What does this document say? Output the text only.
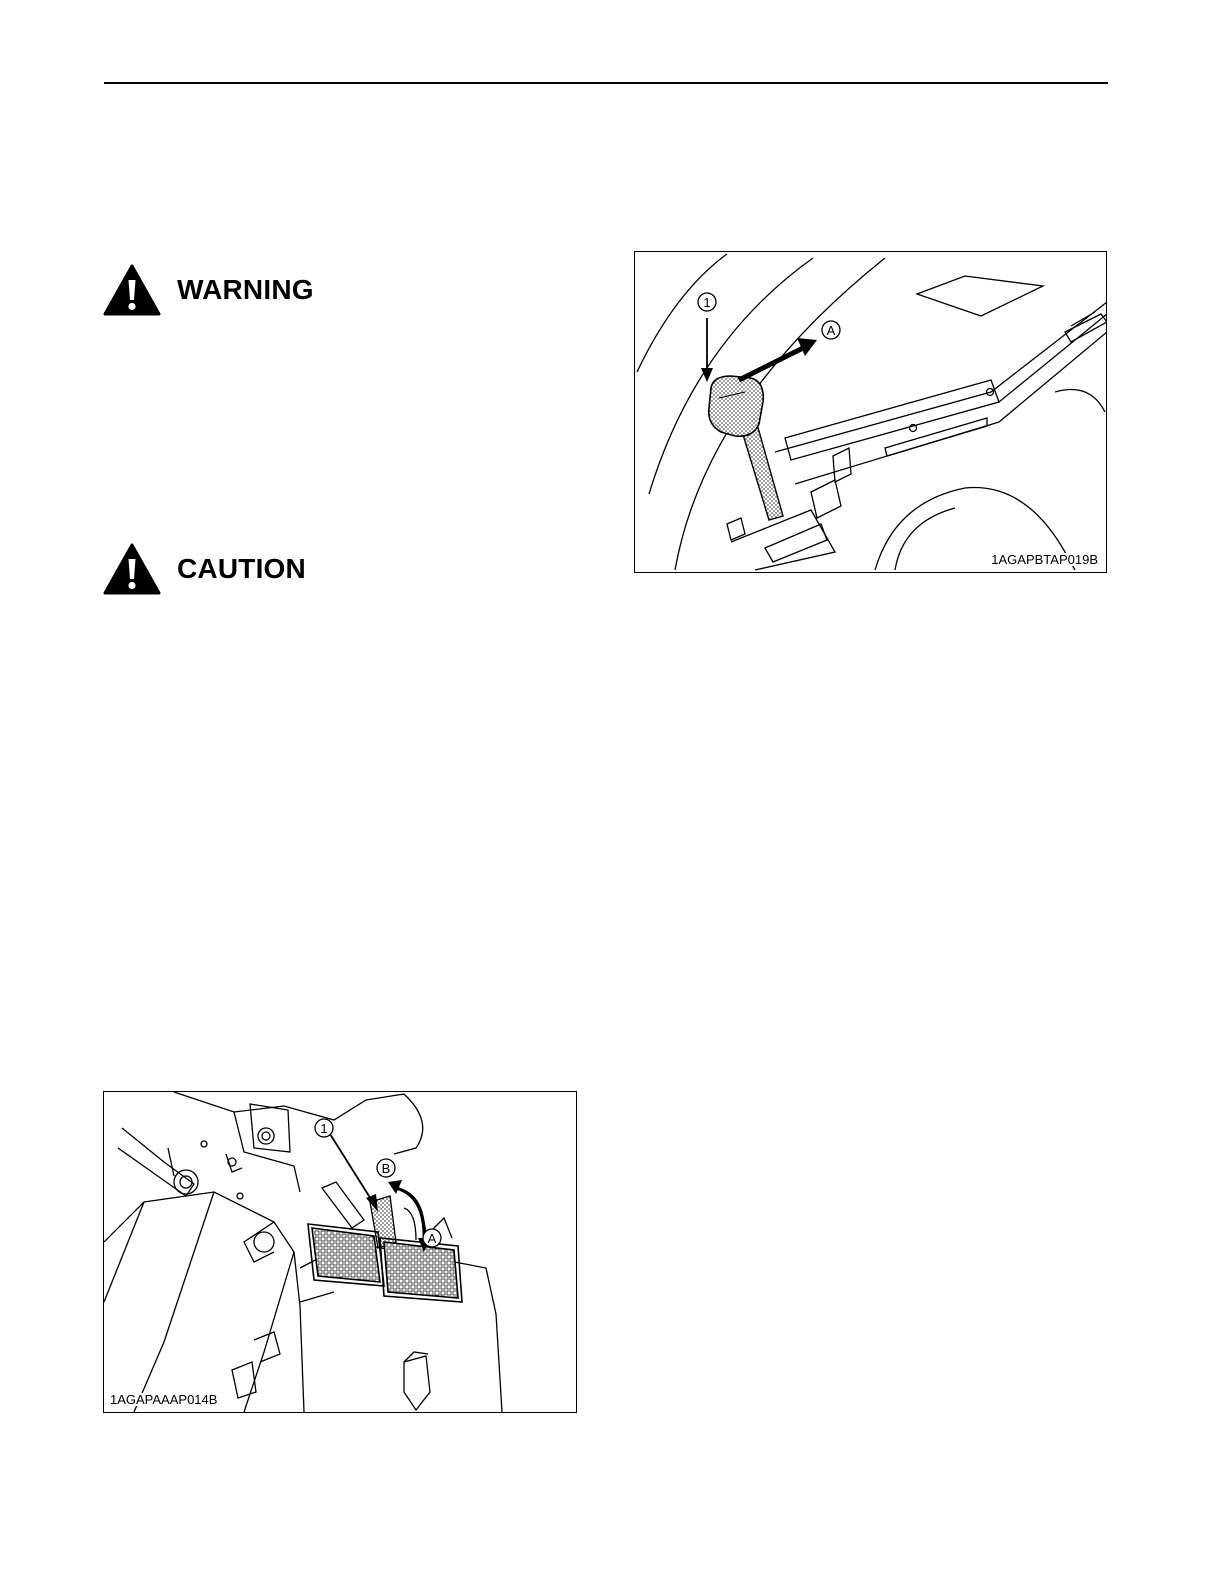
WARNING
CAUTION
1
A
1AGAPBTAP019B
1
B
A
1AGAPAAAP014B
